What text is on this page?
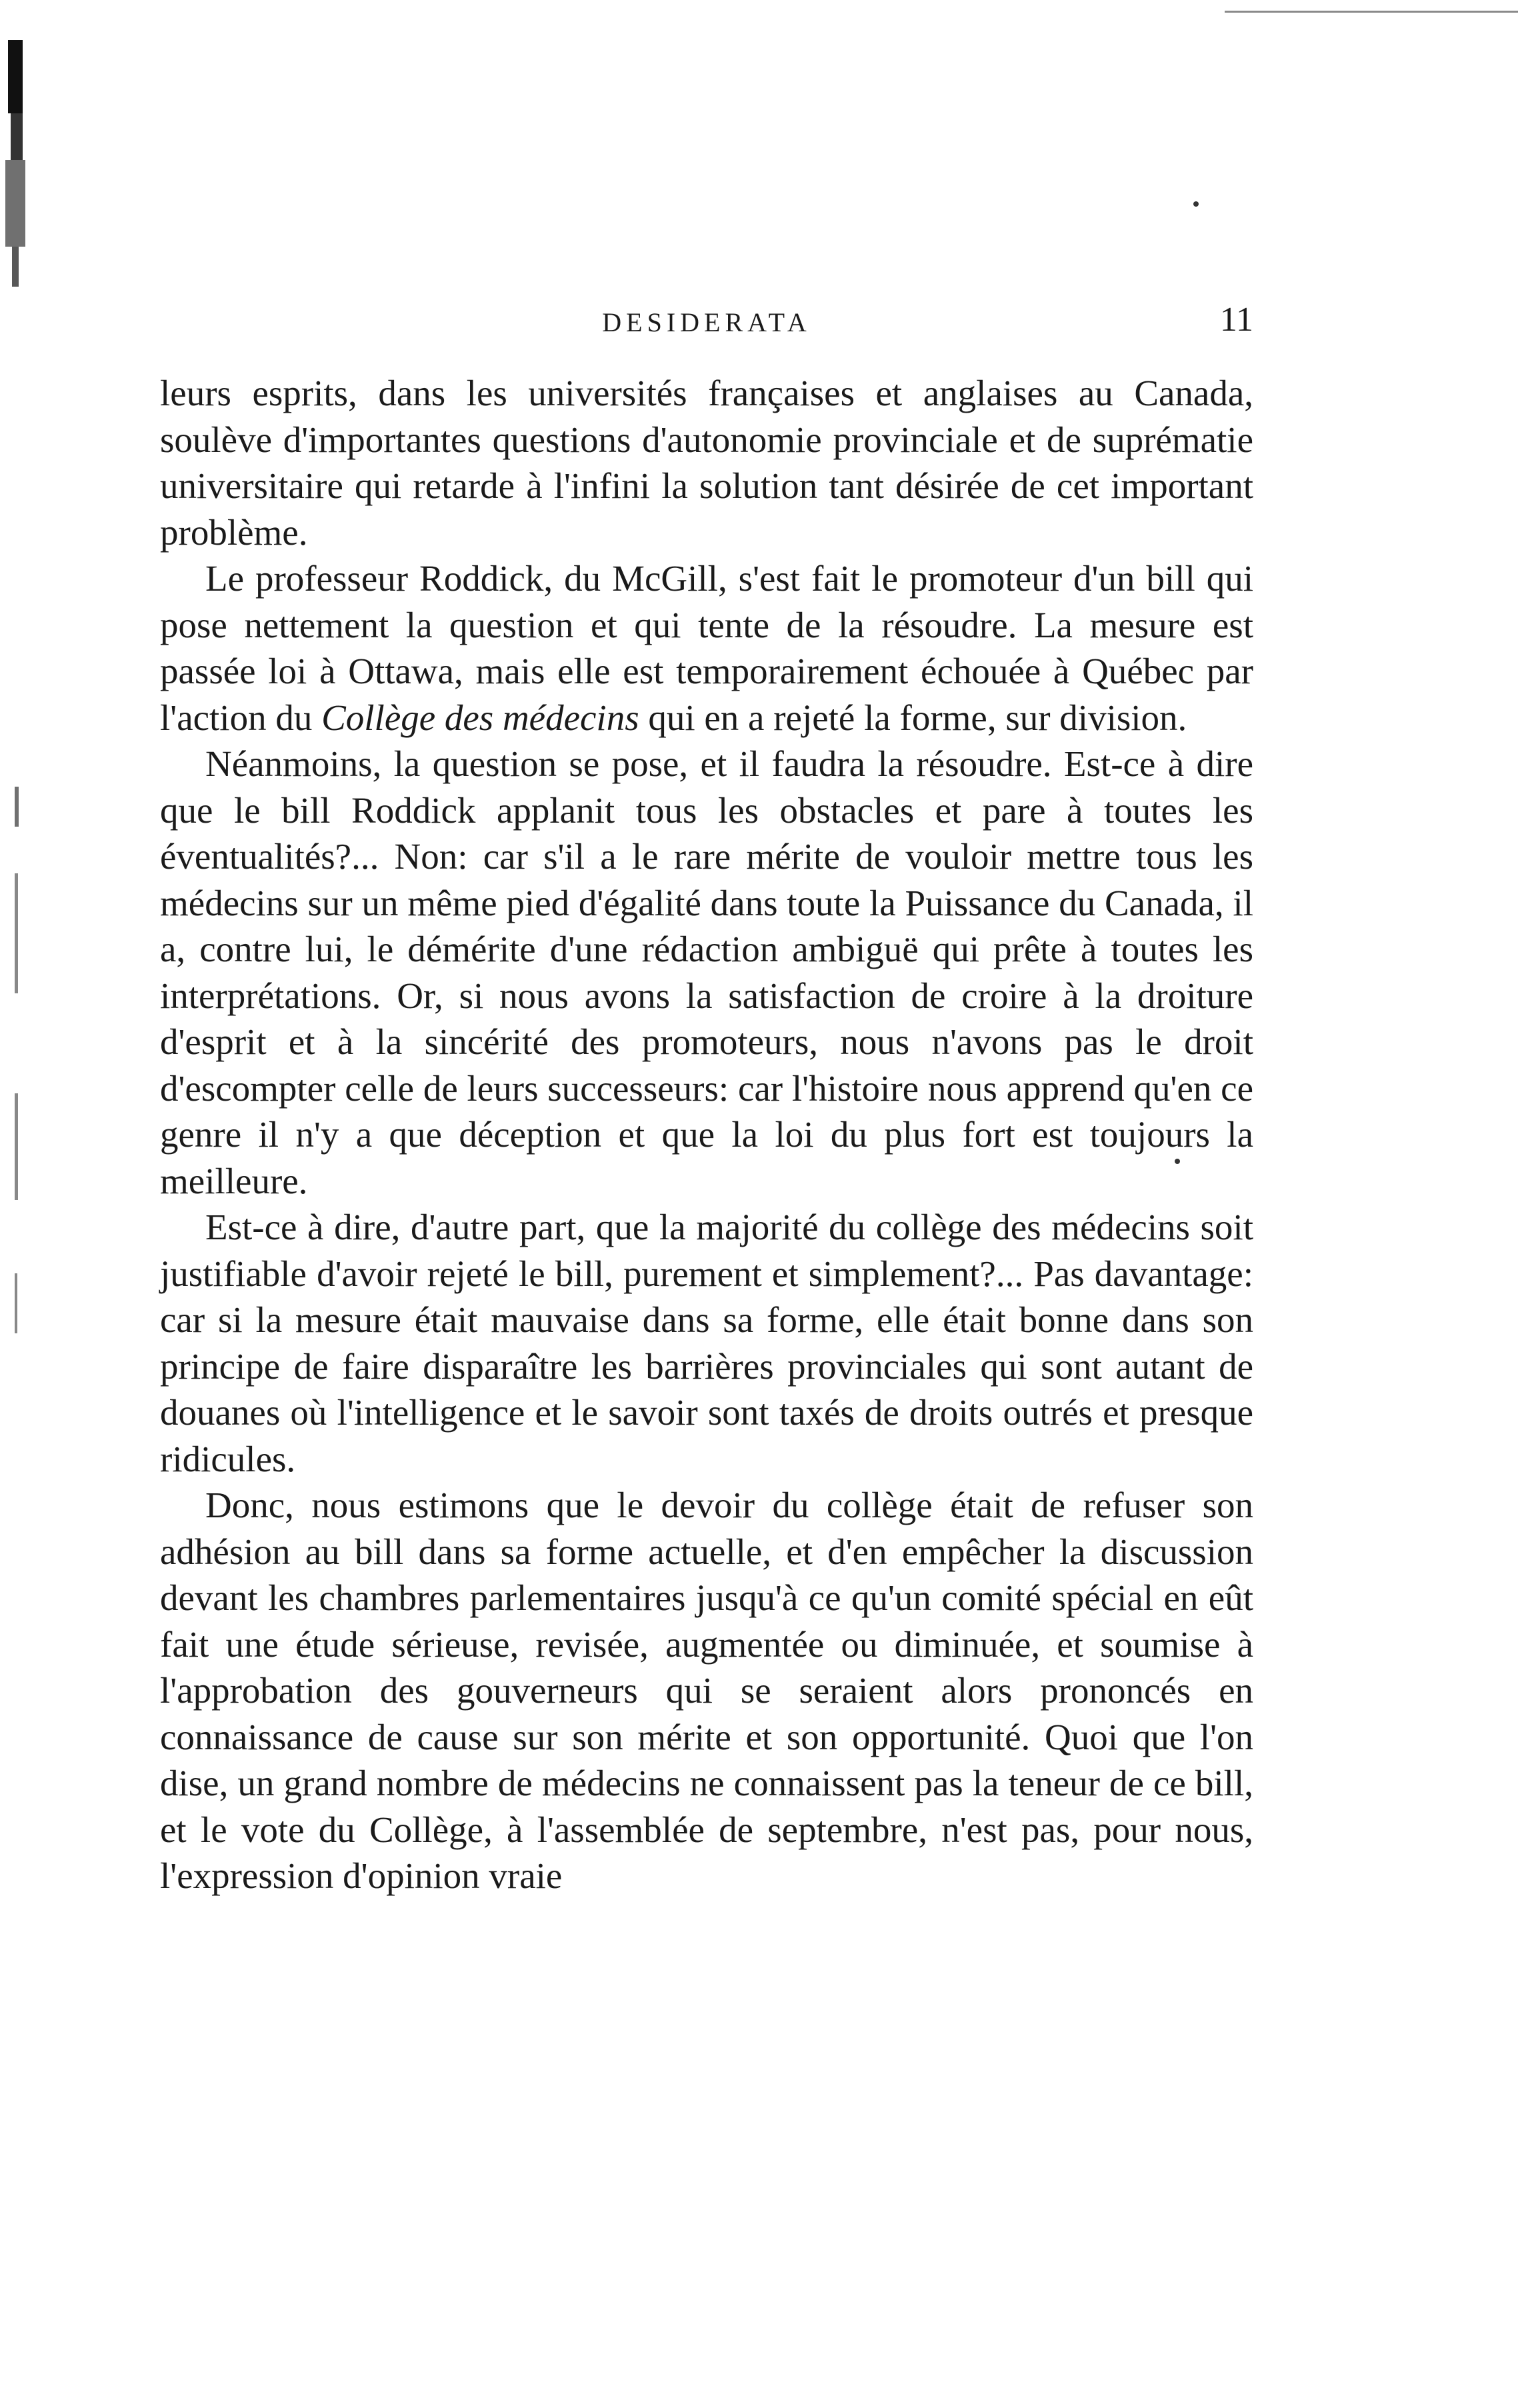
DESIDERATA	11

leurs esprits, dans les universités françaises et anglaises au Canada, soulève d'importantes questions d'autonomie provinciale et de suprématie universitaire qui retarde à l'infini la solution tant désirée de cet important problème.

Le professeur Roddick, du McGill, s'est fait le promoteur d'un bill qui pose nettement la question et qui tente de la résoudre. La mesure est passée loi à Ottawa, mais elle est temporairement échouée à Québec par l'action du Collège des médecins qui en a rejeté la forme, sur division.

Néanmoins, la question se pose, et il faudra la résoudre. Est-ce à dire que le bill Roddick applanit tous les obstacles et pare à toutes les éventualités?... Non: car s'il a le rare mérite de vouloir mettre tous les médecins sur un même pied d'égalité dans toute la Puissance du Canada, il a, contre lui, le démérite d'une rédaction ambiguë qui prête à toutes les interprétations. Or, si nous avons la satisfaction de croire à la droiture d'esprit et à la sincérité des promoteurs, nous n'avons pas le droit d'escompter celle de leurs successeurs: car l'histoire nous apprend qu'en ce genre il n'y a que déception et que la loi du plus fort est toujours la meilleure.

Est-ce à dire, d'autre part, que la majorité du collège des médecins soit justifiable d'avoir rejeté le bill, purement et simplement?... Pas davantage: car si la mesure était mauvaise dans sa forme, elle était bonne dans son principe de faire disparaître les barrières provinciales qui sont autant de douanes où l'intelligence et le savoir sont taxés de droits outrés et presque ridicules.

Donc, nous estimons que le devoir du collège était de refuser son adhésion au bill dans sa forme actuelle, et d'en empêcher la discussion devant les chambres parlementaires jusqu'à ce qu'un comité spécial en eût fait une étude sérieuse, revisée, augmentée ou diminuée, et soumise à l'approbation des gouverneurs qui se seraient alors prononcés en connaissance de cause sur son mérite et son opportunité. Quoi que l'on dise, un grand nombre de médecins ne connaissent pas la teneur de ce bill, et le vote du Collège, à l'assemblée de septembre, n'est pas, pour nous, l'expression d'opinion vraie
